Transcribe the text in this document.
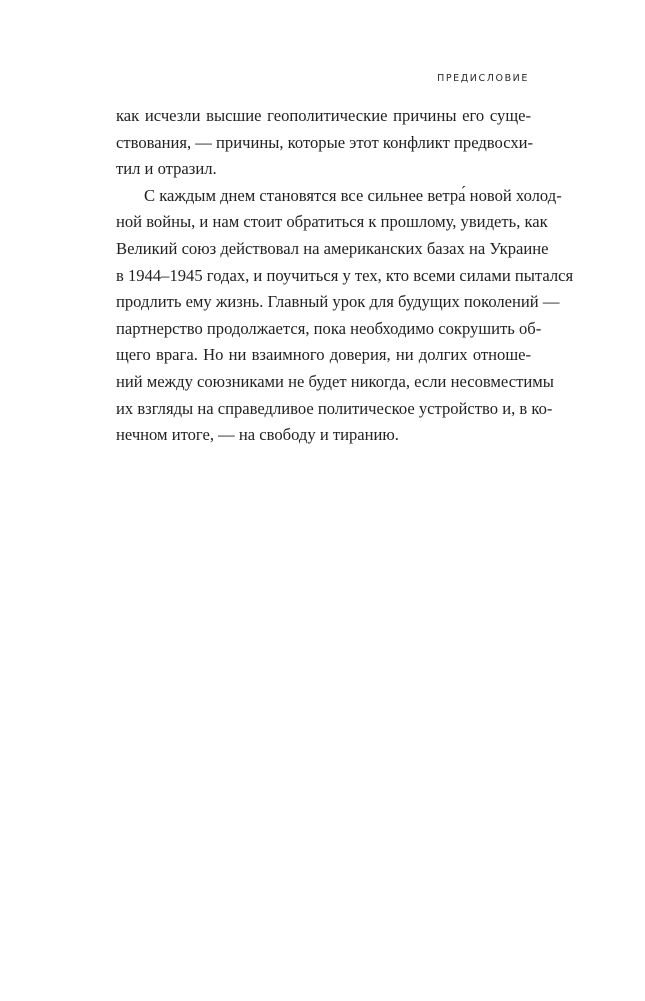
ПРЕДИСЛОВИЕ
как исчезли высшие геополитические причины его суще-
ствования, — причины, которые этот конфликт предвосхи-
тил и отразил.
С каждым днем становятся все сильнее ветра́ новой холод-
ной войны, и нам стоит обратиться к прошлому, увидеть, как
Великий союз действовал на американских базах на Украине
в 1944–1945 годах, и поучиться у тех, кто всеми силами пытался
продлить ему жизнь. Главный урок для будущих поколений —
партнерство продолжается, пока необходимо сокрушить об-
щего врага. Но ни взаимного доверия, ни долгих отноше-
ний между союзниками не будет никогда, если несовместимы
их взгляды на справедливое политическое устройство и, в ко-
нечном итоге, — на свободу и тиранию.
